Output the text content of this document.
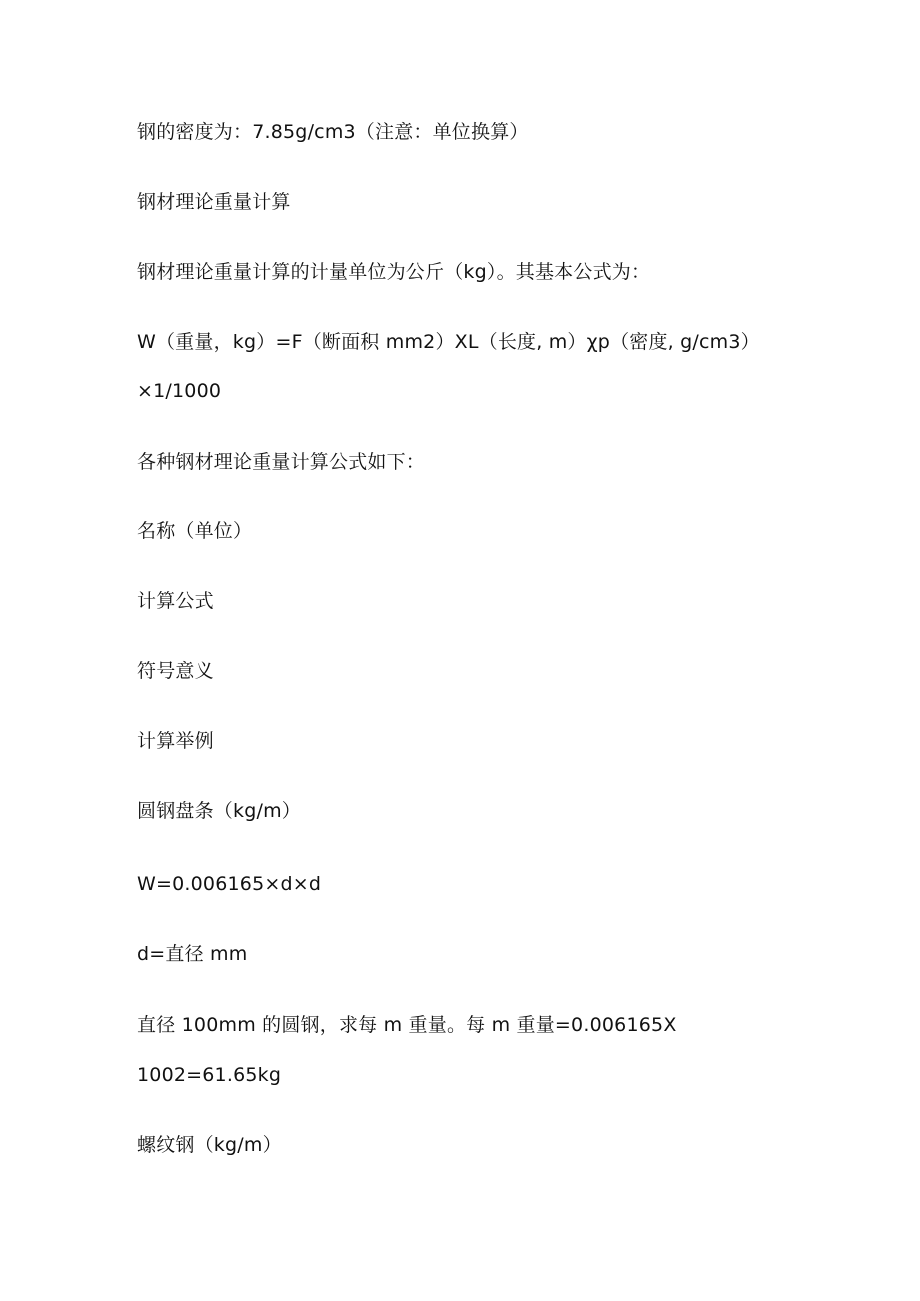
钢的密度为：7.85g∕cm3（注意：单位换算）
钢材理论重量计算
钢材理论重量计算的计量单位为公斤（kg）。其基本公式为：
W（重量，kg）=F（断面积 mm2）XL（长度, m）χp（密度, g/cm3）
×1/1000
各种钢材理论重量计算公式如下：
名称（单位）
计算公式
符号意义
计算举例
圆钢盘条（kg/m）
W=0.006165×d×d
d=直径 mm
直径 100mm 的圆钢，求每 m 重量。每 m 重量=0.006165X
1002=61.65kg
螺纹钢（kg/m）
